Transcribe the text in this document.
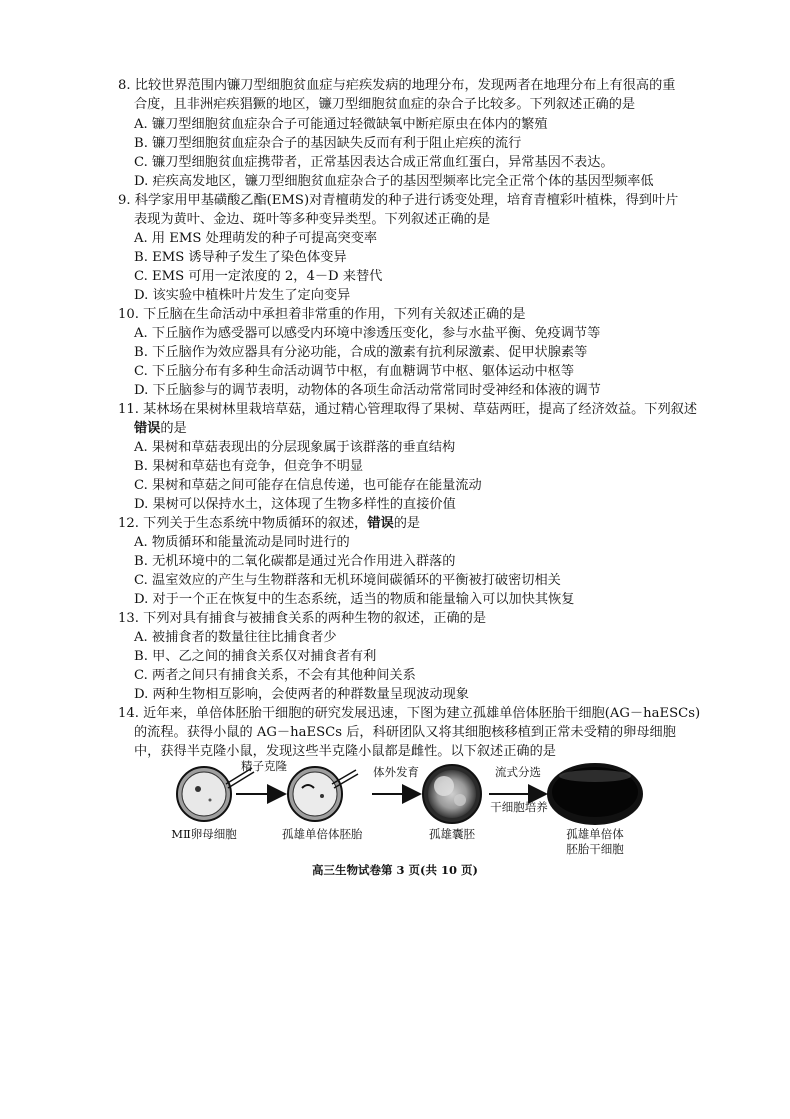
8. 比较世界范围内镰刀型细胞贫血症与疟疾发病的地理分布，发现两者在地理分布上有很高的重
合度，且非洲疟疾猖獗的地区，镰刀型细胞贫血症的杂合子比较多。下列叙述正确的是
A. 镰刀型细胞贫血症杂合子可能通过轻微缺氧中断疟原虫在体内的繁殖
B. 镰刀型细胞贫血症杂合子的基因缺失反而有利于阻止疟疾的流行
C. 镰刀型细胞贫血症携带者，正常基因表达合成正常血红蛋白，异常基因不表达。
D. 疟疾高发地区，镰刀型细胞贫血症杂合子的基因型频率比完全正常个体的基因型频率低
9. 科学家用甲基磺酸乙酯(EMS)对青檀萌发的种子进行诱变处理，培育青檀彩叶植株，得到叶片
表现为黄叶、金边、斑叶等多种变异类型。下列叙述正确的是
A. 用 EMS 处理萌发的种子可提高突变率
B. EMS 诱导种子发生了染色体变异
C. EMS 可用一定浓度的 2，4－D 来替代
D. 该实验中植株叶片发生了定向变异
10. 下丘脑在生命活动中承担着非常重的作用，下列有关叙述正确的是
A. 下丘脑作为感受器可以感受内环境中渗透压变化，参与水盐平衡、免疫调节等
B. 下丘脑作为效应器具有分泌功能，合成的激素有抗利尿激素、促甲状腺素等
C. 下丘脑分布有多种生命活动调节中枢，有血糖调节中枢、躯体运动中枢等
D. 下丘脑参与的调节表明，动物体的各项生命活动常常同时受神经和体液的调节
11. 某林场在果树林里栽培草菇，通过精心管理取得了果树、草菇两旺，提高了经济效益。下列叙述
错误的是
A. 果树和草菇表现出的分层现象属于该群落的垂直结构
B. 果树和草菇也有竞争，但竞争不明显
C. 果树和草菇之间可能存在信息传递，也可能存在能量流动
D. 果树可以保持水土，这体现了生物多样性的直接价值
12. 下列关于生态系统中物质循环的叙述，错误的是
A. 物质循环和能量流动是同时进行的
B. 无机环境中的二氧化碳都是通过光合作用进入群落的
C. 温室效应的产生与生物群落和无机环境间碳循环的平衡被打破密切相关
D. 对于一个正在恢复中的生态系统，适当的物质和能量输入可以加快其恢复
13. 下列对具有捕食与被捕食关系的两种生物的叙述，正确的是
A. 被捕食者的数量往往比捕食者少
B. 甲、乙之间的捕食关系仅对捕食者有利
C. 两者之间只有捕食关系，不会有其他种间关系
D. 两种生物相互影响，会使两者的种群数量呈现波动现象
14. 近年来，单倍体胚胎干细胞的研究发展迅速，下图为建立孤雄单倍体胚胎干细胞(AG－haESCs)
的流程。获得小鼠的 AG－haESCs 后，科研团队又将其细胞核移植到正常未受精的卵母细胞
中，获得半克隆小鼠，发现这些半克隆小鼠都是雌性。以下叙述正确的是
精子克隆	体外发育	流式分选
干细胞培养
MⅡ卵母细胞	孤雄单倍体胚胎	孤雄囊胚	孤雄单倍体
胚胎干细胞
高三生物试卷第 3 页(共 10 页)
